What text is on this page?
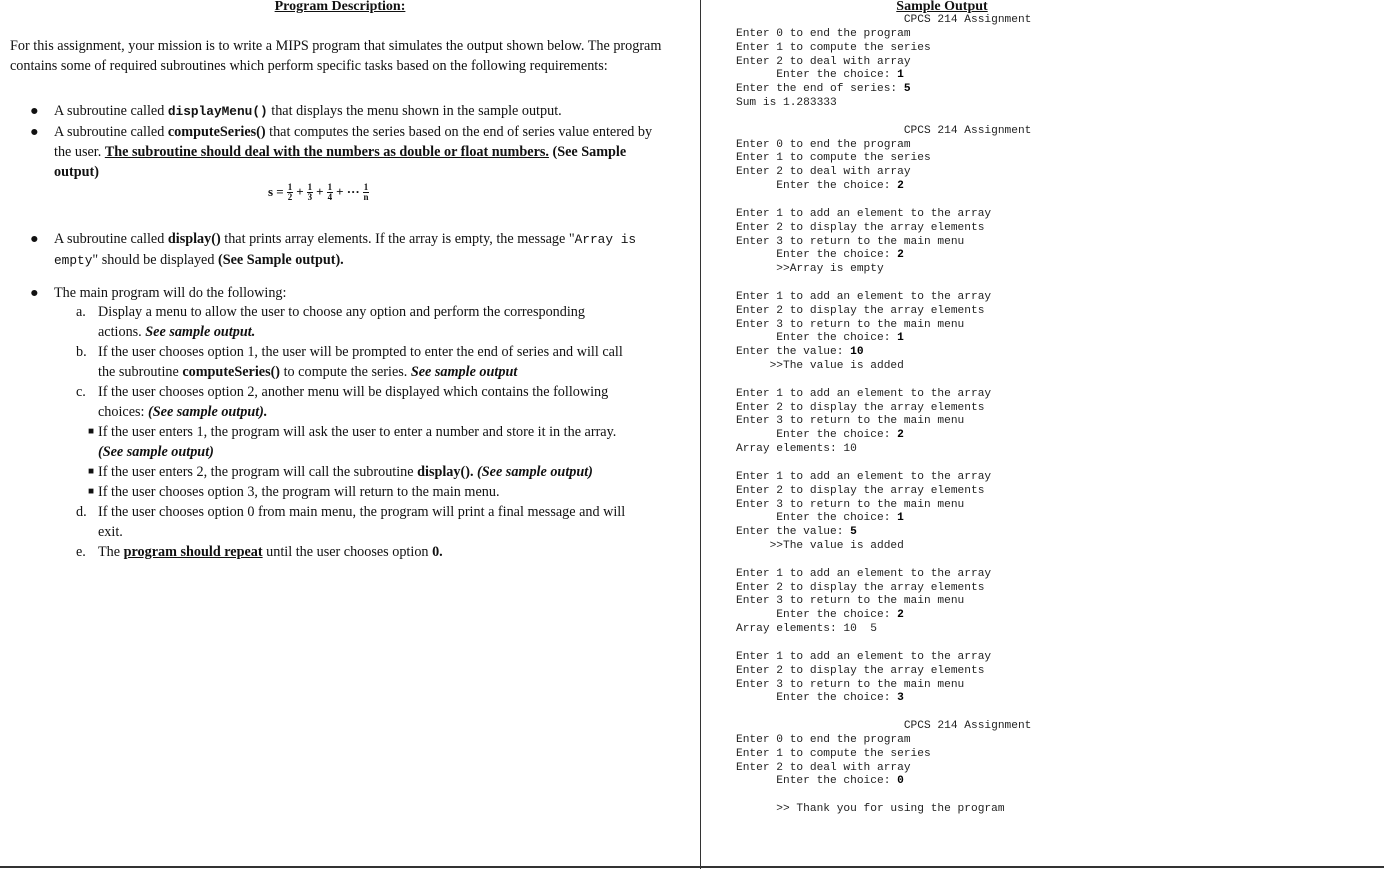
Program Description:
For this assignment, your mission is to write a MIPS program that simulates the output shown below. The program contains some of required subroutines which perform specific tasks based on the following requirements:
● A subroutine called displayMenu() that displays the menu shown in the sample output.
● A subroutine called computeSeries() that computes the series based on the end of series value entered by the user. The subroutine should deal with the numbers as double or float numbers. (See Sample output)
$s = \frac{1}{2} + \frac{1}{3} + \frac{1}{4}$ + ··· $\frac{1}{n}$
● A subroutine called display() that prints array elements. If the array is empty, the message "Array is empty" should be displayed (See Sample output).
● The main program will do the following:
a. Display a menu to allow the user to choose any option and perform the corresponding actions. See sample output.
b. If the user chooses option 1, the user will be prompted to enter the end of series and will call the subroutine computeSeries() to compute the series. See sample output
c. If the user chooses option 2, another menu will be displayed which contains the following choices: (See sample output).
■ If the user enters 1, the program will ask the user to enter a number and store it in the array. (See sample output)
■ If the user enters 2, the program will call the subroutine display(). (See sample output)
■ If the user chooses option 3, the program will return to the main menu.
d. If the user chooses option 0 from main menu, the program will print a final message and will exit.
e. The program should repeat until the user chooses option 0.
Sample Output
CPCS 214 Assignment
Enter 0 to end the program
Enter 1 to compute the series
Enter 2 to deal with array
Enter the choice: 1
Enter the end of series: 5
Sum is 1.283333

CPCS 214 Assignment
Enter 0 to end the program
Enter 1 to compute the series
Enter 2 to deal with array
Enter the choice: 2

Enter 1 to add an element to the array
Enter 2 to display the array elements
Enter 3 to return to the main menu
Enter the choice: 2
>>Array is empty

Enter 1 to add an element to the array
Enter 2 to display the array elements
Enter 3 to return to the main menu
Enter the choice: 1
Enter the value: 10
>>The value is added

Enter 1 to add an element to the array
Enter 2 to display the array elements
Enter 3 to return to the main menu
Enter the choice: 2
Array elements: 10

Enter 1 to add an element to the array
Enter 2 to display the array elements
Enter 3 to return to the main menu
Enter the choice: 1
Enter the value: 5
>>The value is added

Enter 1 to add an element to the array
Enter 2 to display the array elements
Enter 3 to return to the main menu
Enter the choice: 2
Array elements: 10  5

Enter 1 to add an element to the array
Enter 2 to display the array elements
Enter 3 to return to the main menu
Enter the choice: 3

CPCS 214 Assignment
Enter 0 to end the program
Enter 1 to compute the series
Enter 2 to deal with array
Enter the choice: 0

>> Thank you for using the program
